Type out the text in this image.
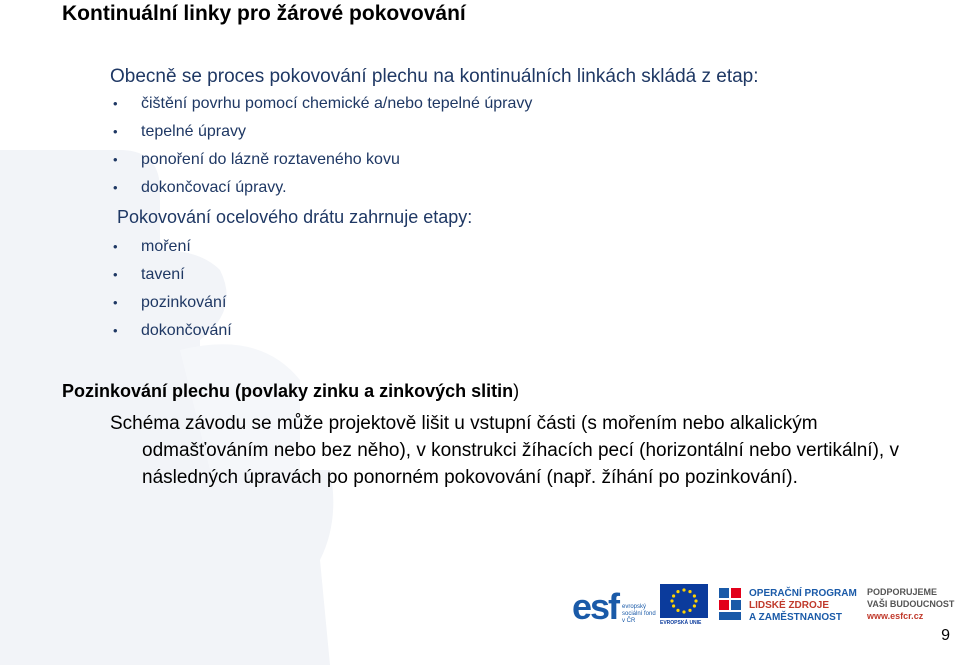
Kontinuální linky pro žárové pokovování
Obecně se proces pokovování plechu na kontinuálních linkách skládá z etap:
•	čištění povrhu pomocí chemické a/nebo tepelné úpravy
•	tepelné úpravy
•	ponoření do lázně roztaveného kovu
•	dokončovací úpravy.
Pokovování ocelového drátu zahrnuje etapy:
•	moření
•	tavení
•	pozinkování
•	dokončování
Pozinkování plechu (povlaky zinku a zinkových slitin)
Schéma závodu se může projektově lišit u vstupní části (s mořením nebo alkalickým odmašťováním nebo bez něho), v konstrukci žíhacích pecí (horizontální nebo vertikální), v následných úpravách po ponorném pokovování (např. žíhání po pozinkování).
esf evropský sociální fond v ČR	EVROPSKÁ UNIE
OPERAČNÍ PROGRAM
LIDSKÉ ZDROJE
A ZAMĚSTNANOST
PODPORUJEME
VAŠI BUDOUCNOST
www.esfcr.cz
9
